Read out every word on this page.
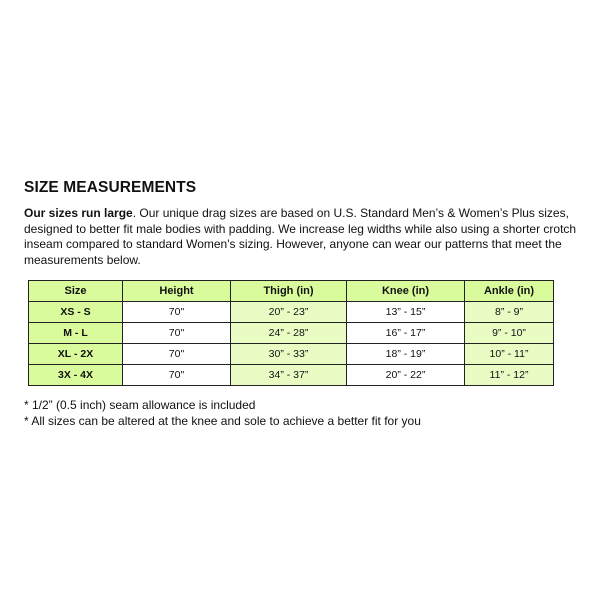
SIZE MEASUREMENTS

Our sizes run large. Our unique drag sizes are based on U.S. Standard Men’s & Women’s Plus sizes, designed to better fit male bodies with padding. We increase leg widths while also using a shorter crotch inseam compared to standard Women's sizing. However, anyone can wear our patterns that meet the measurements below.

Size	Height	Thigh (in)	Knee (in)	Ankle (in)
XS - S	70"	20” - 23”	13” - 15”	8” - 9”
M - L	70"	24” - 28”	16” - 17”	9” - 10”
XL - 2X	70"	30” - 33”	18” - 19”	10” - 11”
3X - 4X	70"	34” - 37”	20” - 22”	11” - 12”
* 1/2” (0.5 inch) seam allowance is included
* All sizes can be altered at the knee and sole to achieve a better fit for you
